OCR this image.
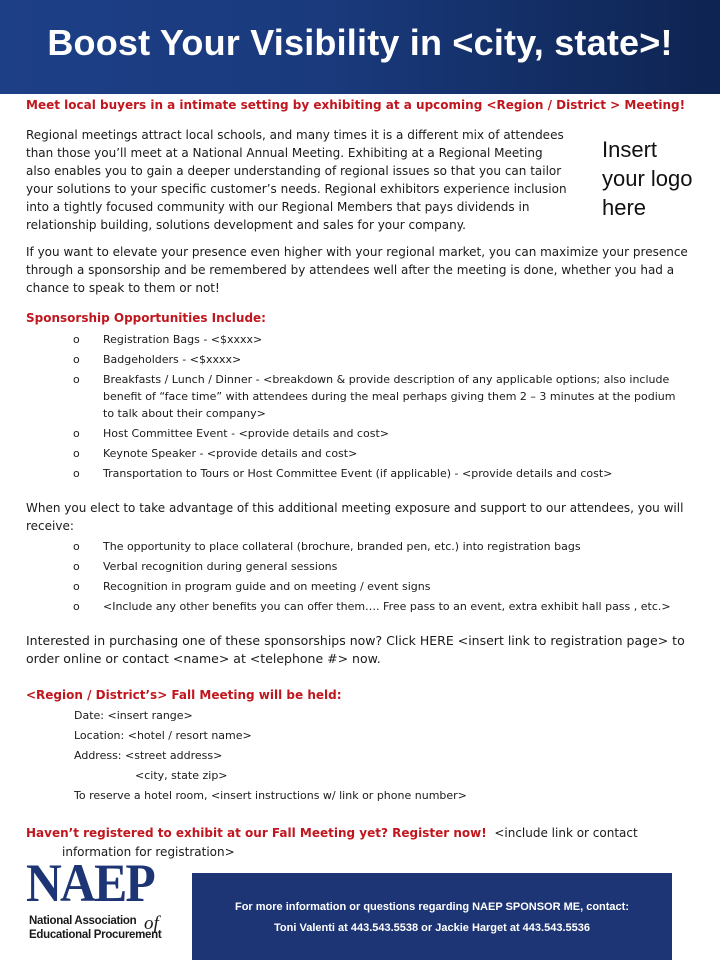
Boost Your Visibility in <city, state>!
Meet local buyers in a intimate setting by exhibiting at a upcoming <Region / District > Meeting!
Regional meetings attract local schools, and many times it is a different mix of attendees
than those you’ll meet at a National Annual Meeting. Exhibiting at a Regional Meeting
also enables you to gain a deeper understanding of regional issues so that you can tailor
your solutions to your specific customer’s needs. Regional exhibitors experience inclusion
into a tightly focused community with our Regional Members that pays dividends in
relationship building, solutions development and sales for your company.
Insert
your logo
here
If you want to elevate your presence even higher with your regional market, you can maximize your presence
through a sponsorship and be remembered by attendees well after the meeting is done, whether you had a
chance to speak to them or not!
Sponsorship Opportunities Include:
o Registration Bags - <$xxxx>
o Badgeholders - <$xxxx>
o Breakfasts / Lunch / Dinner - <breakdown & provide description of any applicable options; also include
benefit of “face time” with attendees during the meal perhaps giving them 2 – 3 minutes at the podium
to talk about their company>
o Host Committee Event - <provide details and cost>
o Keynote Speaker - <provide details and cost>
o Transportation to Tours or Host Committee Event (if applicable) - <provide details and cost>
When you elect to take advantage of this additional meeting exposure and support to our attendees, you will
receive:
o The opportunity to place collateral (brochure, branded pen, etc.) into registration bags
o Verbal recognition during general sessions
o Recognition in program guide and on meeting / event signs
o <Include any other benefits you can offer them…. Free pass to an event, extra exhibit hall pass , etc.>
Interested in purchasing one of these sponsorships now? Click HERE <insert link to registration page> to
order online or contact <name> at <telephone #> now.
<Region / District’s> Fall Meeting will be held:
Date: <insert range>
Location: <hotel / resort name>
Address: <street address>
<city, state zip>
To reserve a hotel room, <insert instructions w/ link or phone number>
Haven’t registered to exhibit at our Fall Meeting yet? Register now! <include link or contact
information for registration>
NAEP
National Association of
Educational Procurement
For more information or questions regarding NAEP SPONSOR ME, contact:
Toni Valenti at 443.543.5538 or Jackie Harget at 443.543.5536
